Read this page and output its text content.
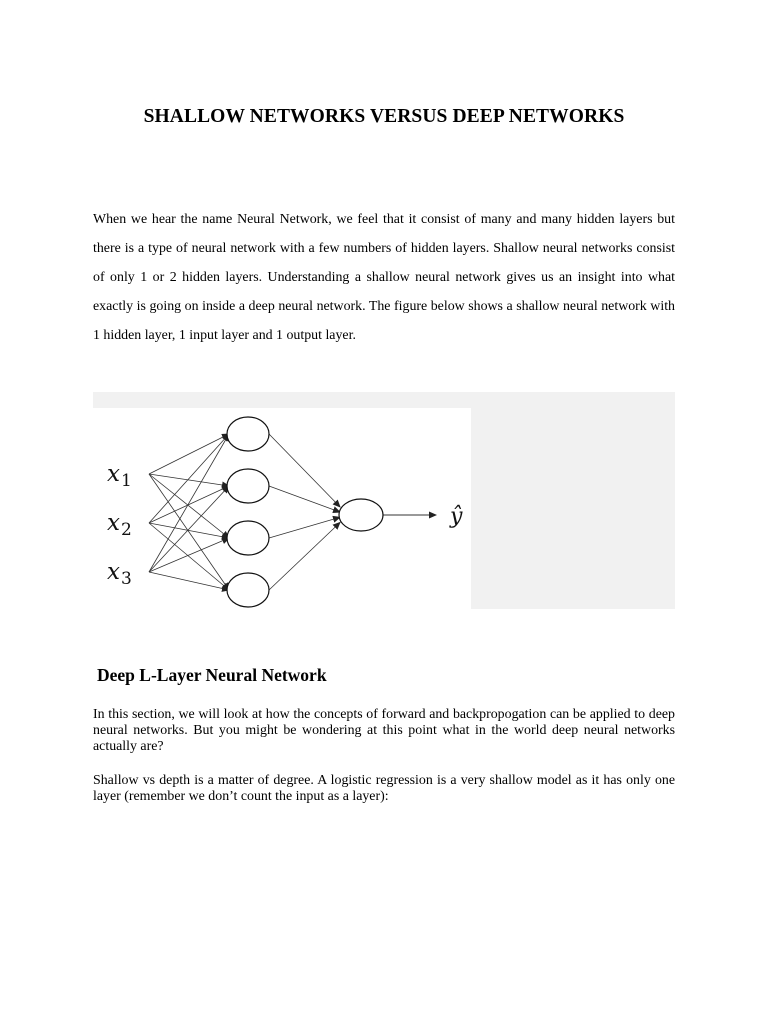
SHALLOW NETWORKS VERSUS DEEP NETWORKS

When we hear the name Neural Network, we feel that it consist of many and many hidden layers but there is a type of neural network with a few numbers of hidden layers. Shallow neural networks consist of only 1 or 2 hidden layers. Understanding a shallow neural network gives us an insight into what exactly is going on inside a deep neural network. The figure below shows a shallow neural network with 1 hidden layer, 1 input layer and 1 output layer.

$x_1$
$x_2$
$x_3$
ŷ
Deep L-Layer Neural Network

In this section, we will look at how the concepts of forward and backpropogation can be applied to deep neural networks. But you might be wondering at this point what in the world deep neural networks actually are?

Shallow vs depth is a matter of degree. A logistic regression is a very shallow model as it has only one layer (remember we don’t count the input as a layer):
